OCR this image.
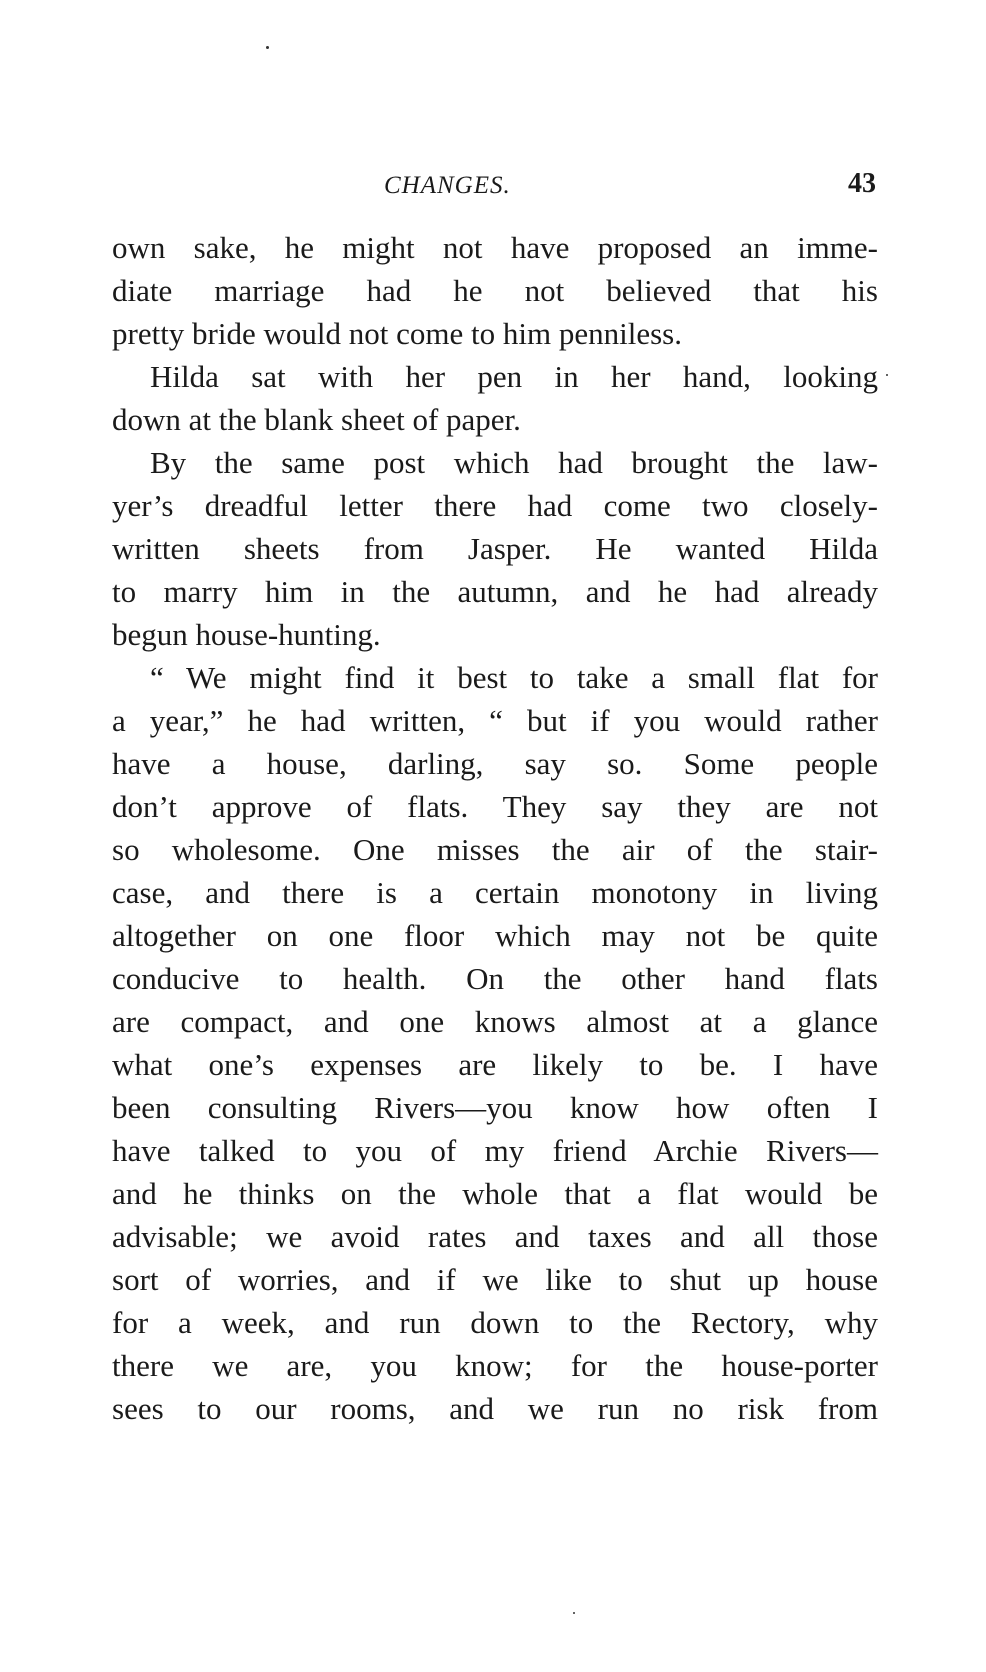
CHANGES.	43
own sake, he might not have proposed an imme-
diate marriage had he not believed that his
pretty bride would not come to him penniless.
Hilda sat with her pen in her hand, looking
down at the blank sheet of paper.
By the same post which had brought the law-
yer’s dreadful letter there had come two closely-
written sheets from Jasper. He wanted Hilda
to marry him in the autumn, and he had already
begun house-hunting.
“ We might find it best to take a small flat for
a year,” he had written, “ but if you would rather
have a house, darling, say so. Some people
don’t approve of flats. They say they are not
so wholesome. One misses the air of the stair-
case, and there is a certain monotony in living
altogether on one floor which may not be quite
conducive to health. On the other hand flats
are compact, and one knows almost at a glance
what one’s expenses are likely to be. I have
been consulting Rivers—you know how often I
have talked to you of my friend Archie Rivers—
and he thinks on the whole that a flat would be
advisable; we avoid rates and taxes and all those
sort of worries, and if we like to shut up house
for a week, and run down to the Rectory, why
there we are, you know; for the house-porter
sees to our rooms, and we run no risk from
